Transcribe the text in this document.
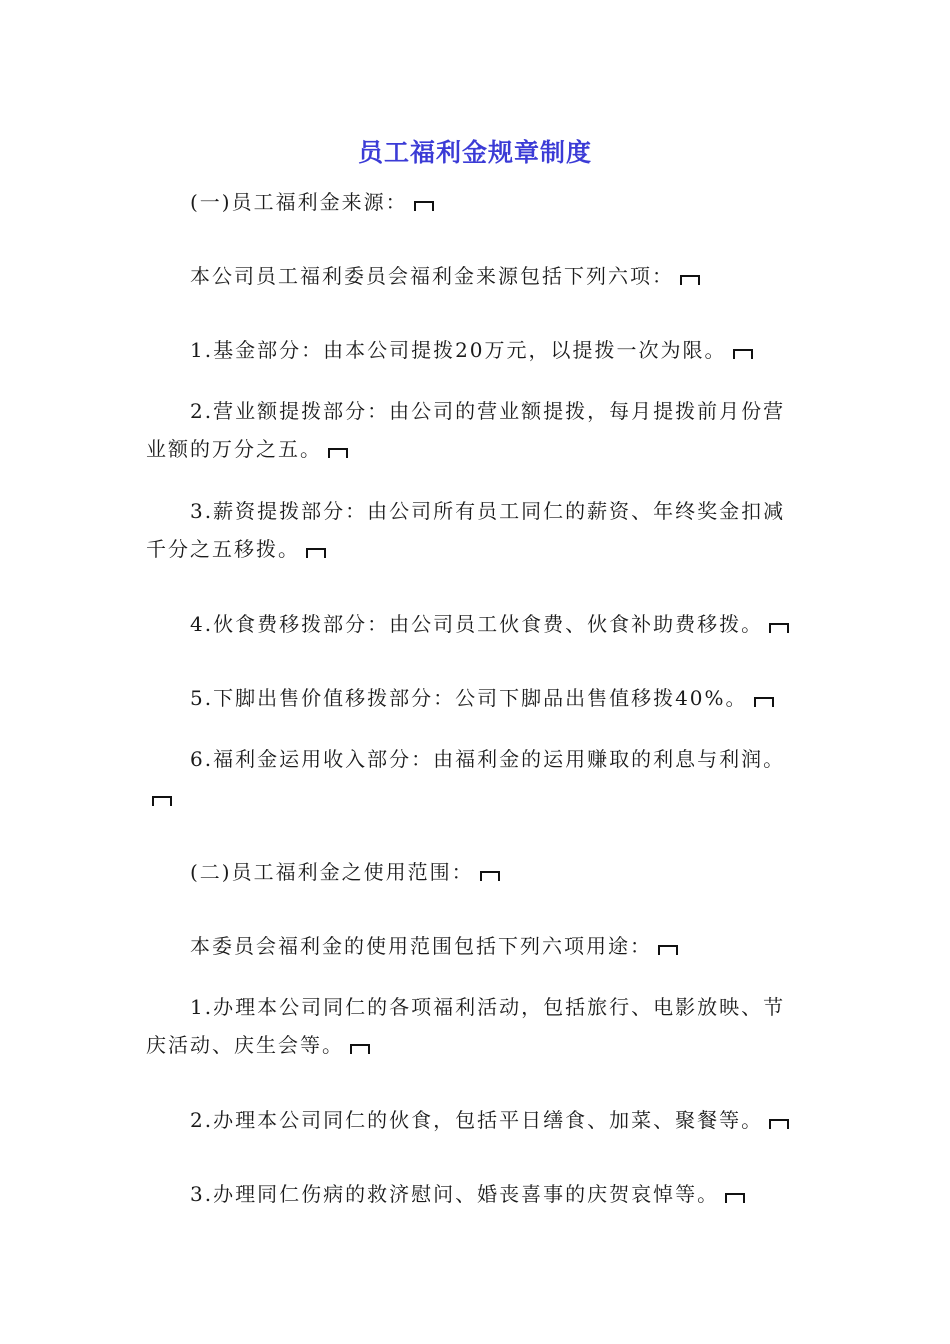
员工福利金规章制度
(一)员工福利金来源：
本公司员工福利委员会福利金来源包括下列六项：
1.基金部分：由本公司提拨20万元，以提拨一次为限。
2.营业额提拨部分：由公司的营业额提拨，每月提拨前月份营业额的万分之五。
3.薪资提拨部分：由公司所有员工同仁的薪资、年终奖金扣减千分之五移拨。
4.伙食费移拨部分：由公司员工伙食费、伙食补助费移拨。
5.下脚出售价值移拨部分：公司下脚品出售值移拨40%。
6.福利金运用收入部分：由福利金的运用赚取的利息与利润。
(二)员工福利金之使用范围：
本委员会福利金的使用范围包括下列六项用途：
1.办理本公司同仁的各项福利活动，包括旅行、电影放映、节庆活动、庆生会等。
2.办理本公司同仁的伙食，包括平日缮食、加菜、聚餐等。
3.办理同仁伤病的救济慰问、婚丧喜事的庆贺哀悼等。
